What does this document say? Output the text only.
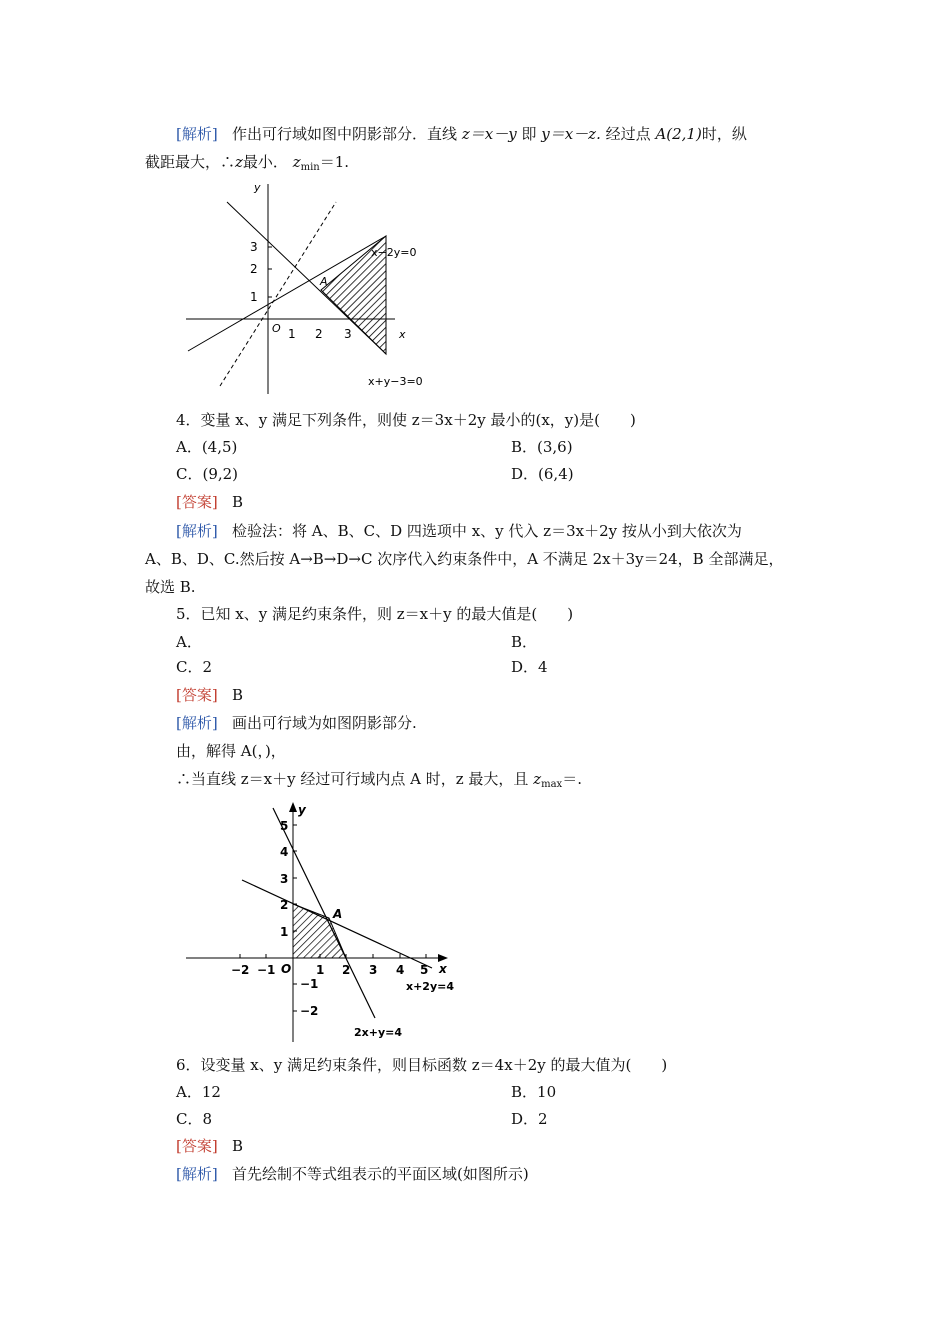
[解析] 作出可行域如图中阴影部分．直线 z＝x－y 即 y＝x－z. 经过点 A(2,1)时，纵
截距最大，∴z最小． $z_{min}=1$.
y
x
O
A
1
2
3
1 2 3
x−2y=0
x+y−3=0
4．变量 x、y 满足下列条件，则使 z＝3x＋2y 最小的(x，y)是(　　)
A．(4,5)	B．(3,6)
C．(9,2)	D．(6,4)
[答案] B
[解析] 检验法：将 A、B、C、D 四选项中 x、y 代入 z＝3x＋2y 按从小到大依次为
A、B、D、C.然后按 A→B→D→C 次序代入约束条件中，A 不满足 2x＋3y＝24，B 全部满足，
故选 B.
5．已知 x、y 满足约束条件，则 z＝x＋y 的最大值是(　　)
A．	B．
C．2	D．4
[答案] B
[解析] 画出可行域为如图阴影部分.
由，解得 A(，)，
∴当直线 z＝x＋y 经过可行域内点 A 时，z 最大，且 $z_{max}=$.
y
x
O
A
1 2 3 4 5
−2 −1
1
2
3
4
5
−1
−2
x+2y=4
2x+y=4
6．设变量 x、y 满足约束条件，则目标函数 z＝4x＋2y 的最大值为(　　)
A．12	B．10
C．8	D．2
[答案] B
[解析] 首先绘制不等式组表示的平面区域(如图所示)
